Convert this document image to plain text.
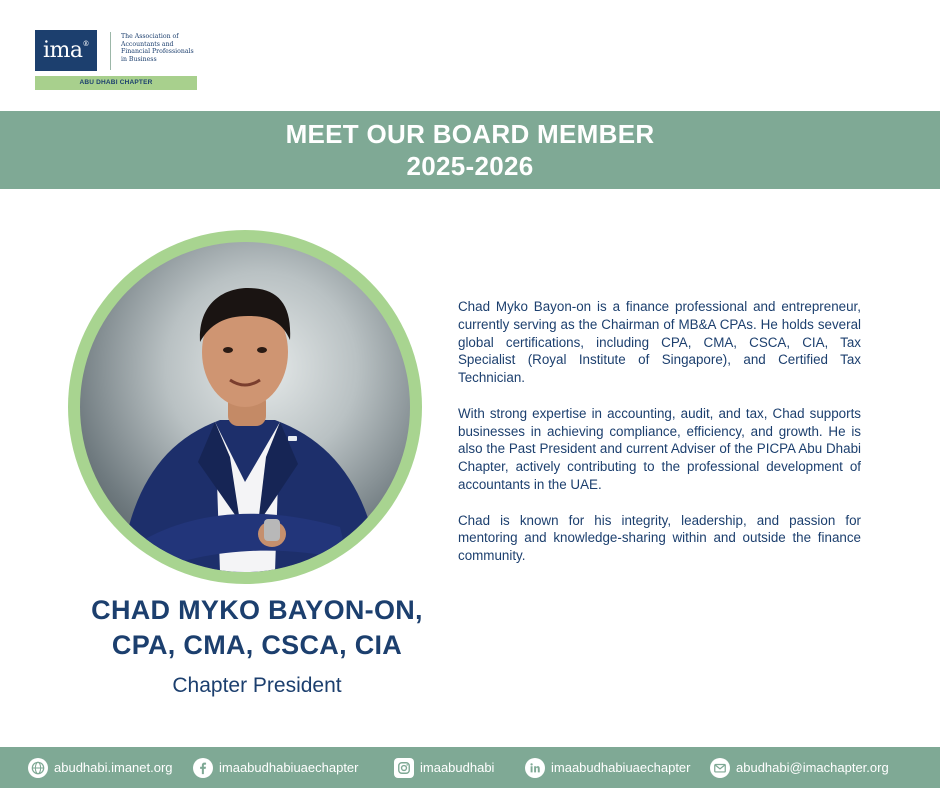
ima®
The Association of Accountants and Financial Professionals in Business
ABU DHABI CHAPTER
MEET OUR BOARD MEMBER
2025-2026
CHAD MYKO BAYON-ON,
CPA, CMA, CSCA, CIA
Chapter President

Chad Myko Bayon-on is a finance professional and entrepreneur, currently serving as the Chairman of MB&A CPAs. He holds several global certifications, including CPA, CMA, CSCA, CIA, Tax Specialist (Royal Institute of Singapore), and Certified Tax Technician.

With strong expertise in accounting, audit, and tax, Chad supports businesses in achieving compliance, efficiency, and growth. He is also the Past President and current Adviser of the PICPA Abu Dhabi Chapter, actively contributing to the professional development of accountants in the UAE.

Chad is known for his integrity, leadership, and passion for mentoring and knowledge-sharing within and outside the finance community.

abudhabi.imanet.org	imaabudhabiuaechapter	imaabudhabi	imaabudhabiuaechapter	abudhabi@imachapter.org
